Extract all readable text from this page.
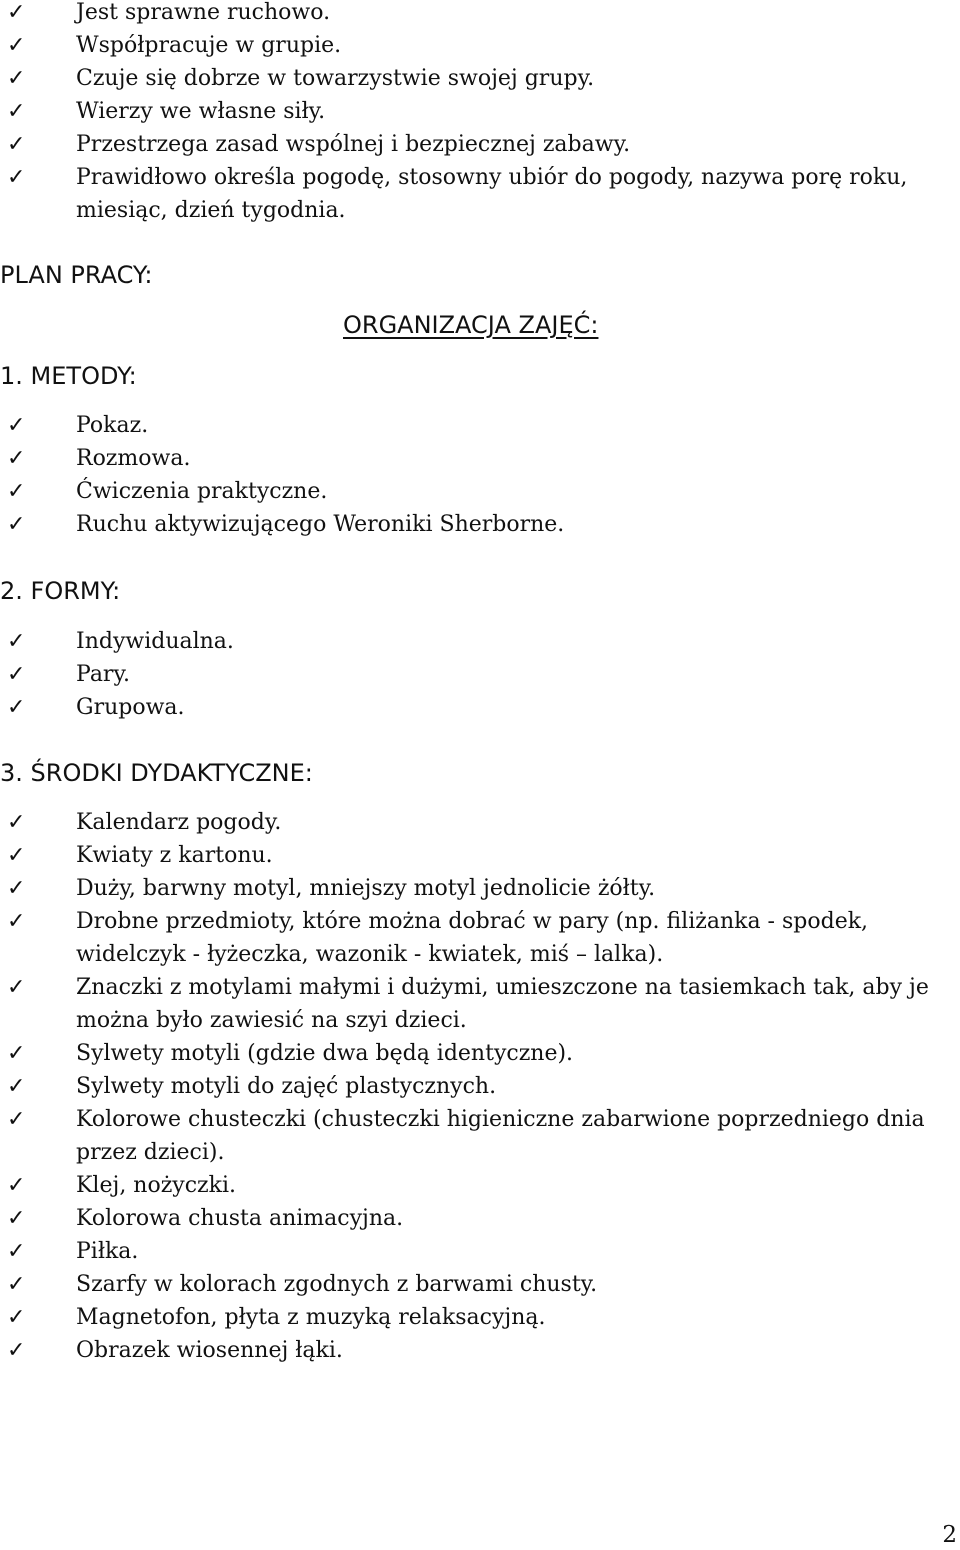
✓	Jest sprawne ruchowo.
✓	Współpracuje w grupie.
✓	Czuje się dobrze w towarzystwie swojej grupy.
✓	Wierzy we własne siły.
✓	Przestrzega zasad wspólnej i bezpiecznej zabawy.
✓	Prawidłowo określa pogodę, stosowny ubiór do pogody, nazywa porę roku, miesiąc, dzień tygodnia.
PLAN PRACY:
ORGANIZACJA ZAJĘĆ:
1. METODY:
✓	Pokaz.
✓	Rozmowa.
✓	Ćwiczenia praktyczne.
✓	Ruchu aktywizującego Weroniki Sherborne.
2. FORMY:
✓	Indywidualna.
✓	Pary.
✓	Grupowa.
3. ŚRODKI DYDAKTYCZNE:
✓	Kalendarz pogody.
✓	Kwiaty z kartonu.
✓	Duży, barwny motyl, mniejszy motyl jednolicie żółty.
✓	Drobne przedmioty, które można dobrać w pary (np. filiżanka - spodek, widelczyk - łyżeczka, wazonik - kwiatek, miś – lalka).
✓	Znaczki z motylami małymi i dużymi, umieszczone na tasiemkach tak, aby je można było zawiesić na szyi dzieci.
✓	Sylwety motyli (gdzie dwa będą identyczne).
✓	Sylwety motyli do zajęć plastycznych.
✓	Kolorowe chusteczki (chusteczki higieniczne zabarwione poprzedniego dnia przez dzieci).
✓	Klej, nożyczki.
✓	Kolorowa chusta animacyjna.
✓	Piłka.
✓	Szarfy w kolorach zgodnych z barwami chusty.
✓	Magnetofon, płyta z muzyką relaksacyjną.
✓	Obrazek wiosennej łąki.
2
